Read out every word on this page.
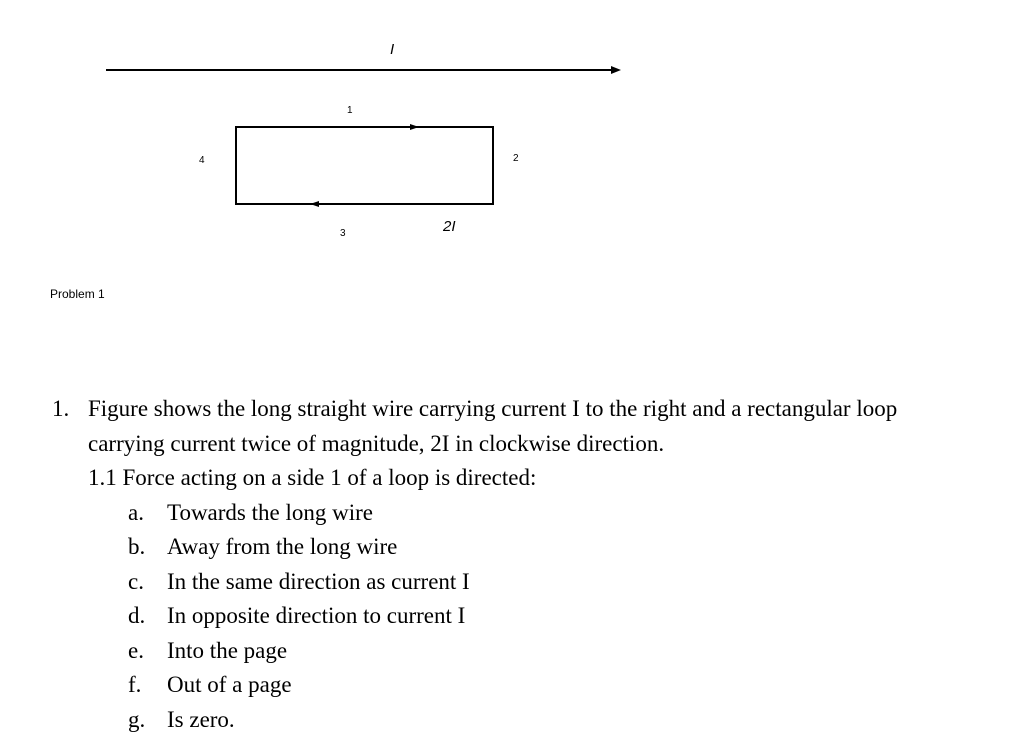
I
1
2
3
4
2I
Problem 1
1. Figure shows the long straight wire carrying current I to the right and a rectangular loop
carrying current twice of magnitude, 2I in clockwise direction.
1.1 Force acting on a side 1 of a loop is directed:
a. Towards the long wire
b. Away from the long wire
c. In the same direction as current I
d. In opposite direction to current I
e. Into the page
f. Out of a page
g. Is zero.
